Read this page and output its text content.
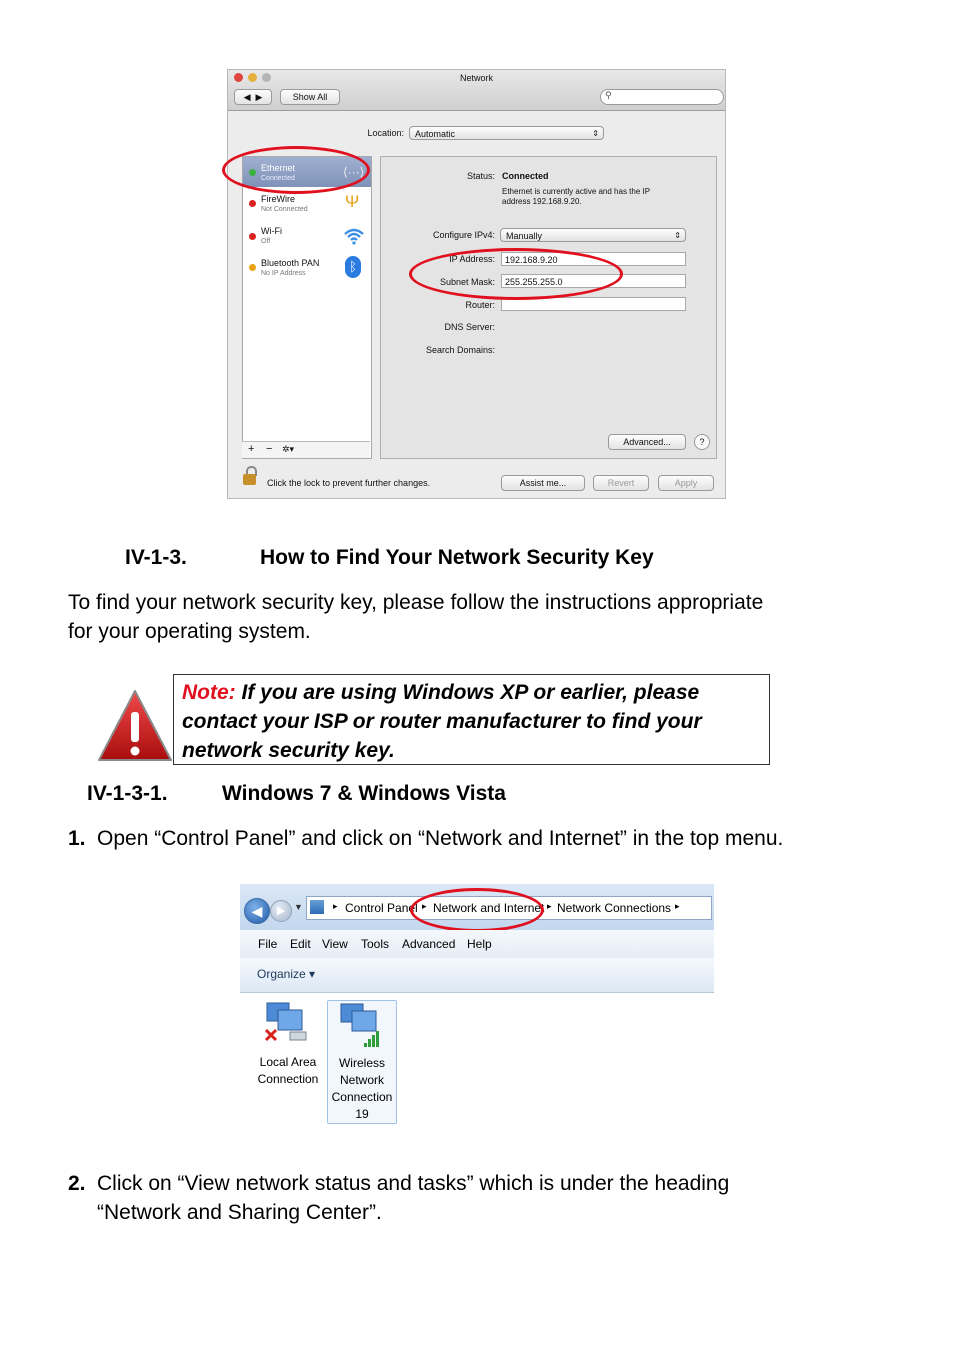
Network
◀  ▶	Show All	⚲
Location:	Automatic	⇕
Ethernet
Connected	⟨···⟩
FireWire
Not Connected Ψ
Wi-Fi
Off
Bluetooth PAN
No IP Address	ᛒ
+ − ✲▾
Status: Connected
Ethernet is currently active and has the IP
address 192.168.9.20.
Configure IPv4:	Manually	⇕
IP Address:	192.168.9.20
Subnet Mask:	255.255.255.0
Router:
DNS Server:
Search Domains:
Advanced...	?
Click the lock to prevent further changes.	Assist me...	Revert	Apply
IV-1-3.	How to Find Your Network Security Key
To find your network security key, please follow the instructions appropriate
for your operating system.
Note: If you are using Windows XP or earlier, please
contact your ISP or router manufacturer to find your
network security key.
IV-1-3-1.	Windows 7 & Windows Vista
1. Open “Control Panel” and click on “Network and Internet” in the top menu.
◀	▶ ▼	▸ Control Panel ▸ Network and Internet ▸ Network Connections ▸
File Edit View Tools Advanced Help
Organize ▾
Local Area
Connection
Wireless
Network
Connection
19
2. Click on “View network status and tasks” which is under the heading
“Network and Sharing Center”.
